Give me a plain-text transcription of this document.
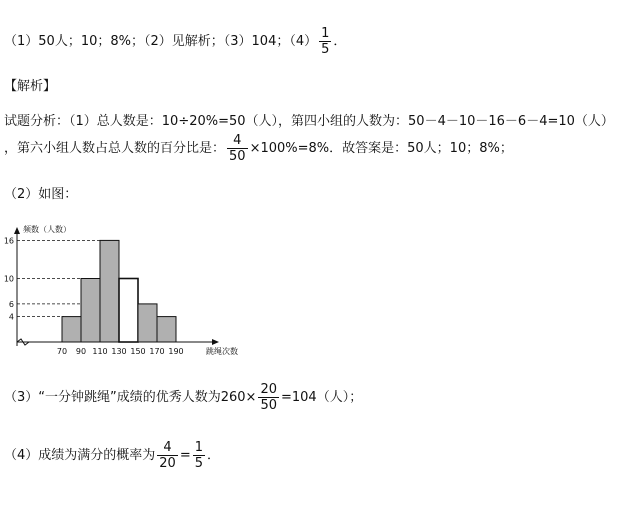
（1）50人；10；8%；（2）见解析；（3）104；$(4) \frac{1}{5}$ ．
【解析】
试题分析：（1）总人数是：10÷20%=50（人），第四小组的人数为：50－4－10－16－6－4=10（人）
，第六小组人数占总人数的百分比是： $\frac{4}{50} \times 100\%=8\%$．故答案是：50人；10；8%；
（2）如图：
频数（人数）
4
6
10
16
70 90 110 130 150 170 190	跳绳次数
（3）“一分钟跳绳”成绩的优秀人数为$260\times \frac{20}{50} =104$（人）；
（4）成绩为满分的概率为 $\frac{4}{20} = \frac{1}{5}$ ．
